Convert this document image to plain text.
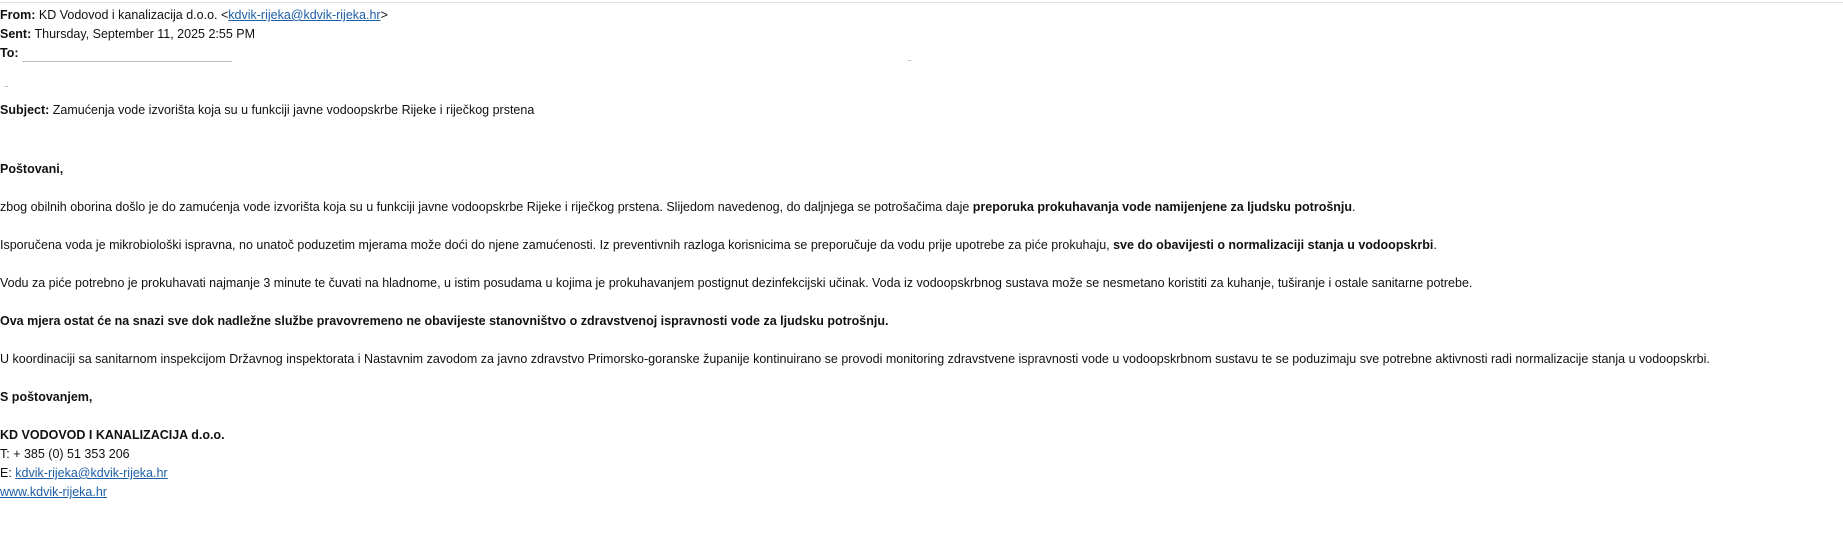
From: KD Vodovod i kanalizacija d.o.o. <kdvik-rijeka@kdvik-rijeka.hr>
Sent: Thursday, September 11, 2025 2:55 PM
To:
Subject: Zamućenja vode izvorišta koja su u funkciji javne vodoopskrbe Rijeke i riječkog prstena
Poštovani,
zbog obilnih oborina došlo je do zamućenja vode izvorišta koja su u funkciji javne vodoopskrbe Rijeke i riječkog prstena. Slijedom navedenog, do daljnjega se potrošačima daje preporuka prokuhavanja vode namijenjene za ljudsku potrošnju.
Isporučena voda je mikrobiološki ispravna, no unatoč poduzetim mjerama može doći do njene zamućenosti. Iz preventivnih razloga korisnicima se preporučuje da vodu prije upotrebe za piće prokuhaju, sve do obavijesti o normalizaciji stanja u vodoopskrbi.
Vodu za piće potrebno je prokuhavati najmanje 3 minute te čuvati na hladnome, u istim posudama u kojima je prokuhavanjem postignut dezinfekcijski učinak. Voda iz vodoopskrbnog sustava može se nesmetano koristiti za kuhanje, tuširanje i ostale sanitarne potrebe.
Ova mjera ostat će na snazi sve dok nadležne službe pravovremeno ne obavijeste stanovništvo o zdravstvenoj ispravnosti vode za ljudsku potrošnju.
U koordinaciji sa sanitarnom inspekcijom Državnog inspektorata i Nastavnim zavodom za javno zdravstvo Primorsko-goranske županije kontinuirano se provodi monitoring zdravstvene ispravnosti vode u vodoopskrbnom sustavu te se poduzimaju sve potrebne aktivnosti radi normalizacije stanja u vodoopskrbi.
S poštovanjem,
KD VODOVOD I KANALIZACIJA d.o.o.
T: + 385 (0) 51 353 206
E: kdvik-rijeka@kdvik-rijeka.hr
www.kdvik-rijeka.hr
